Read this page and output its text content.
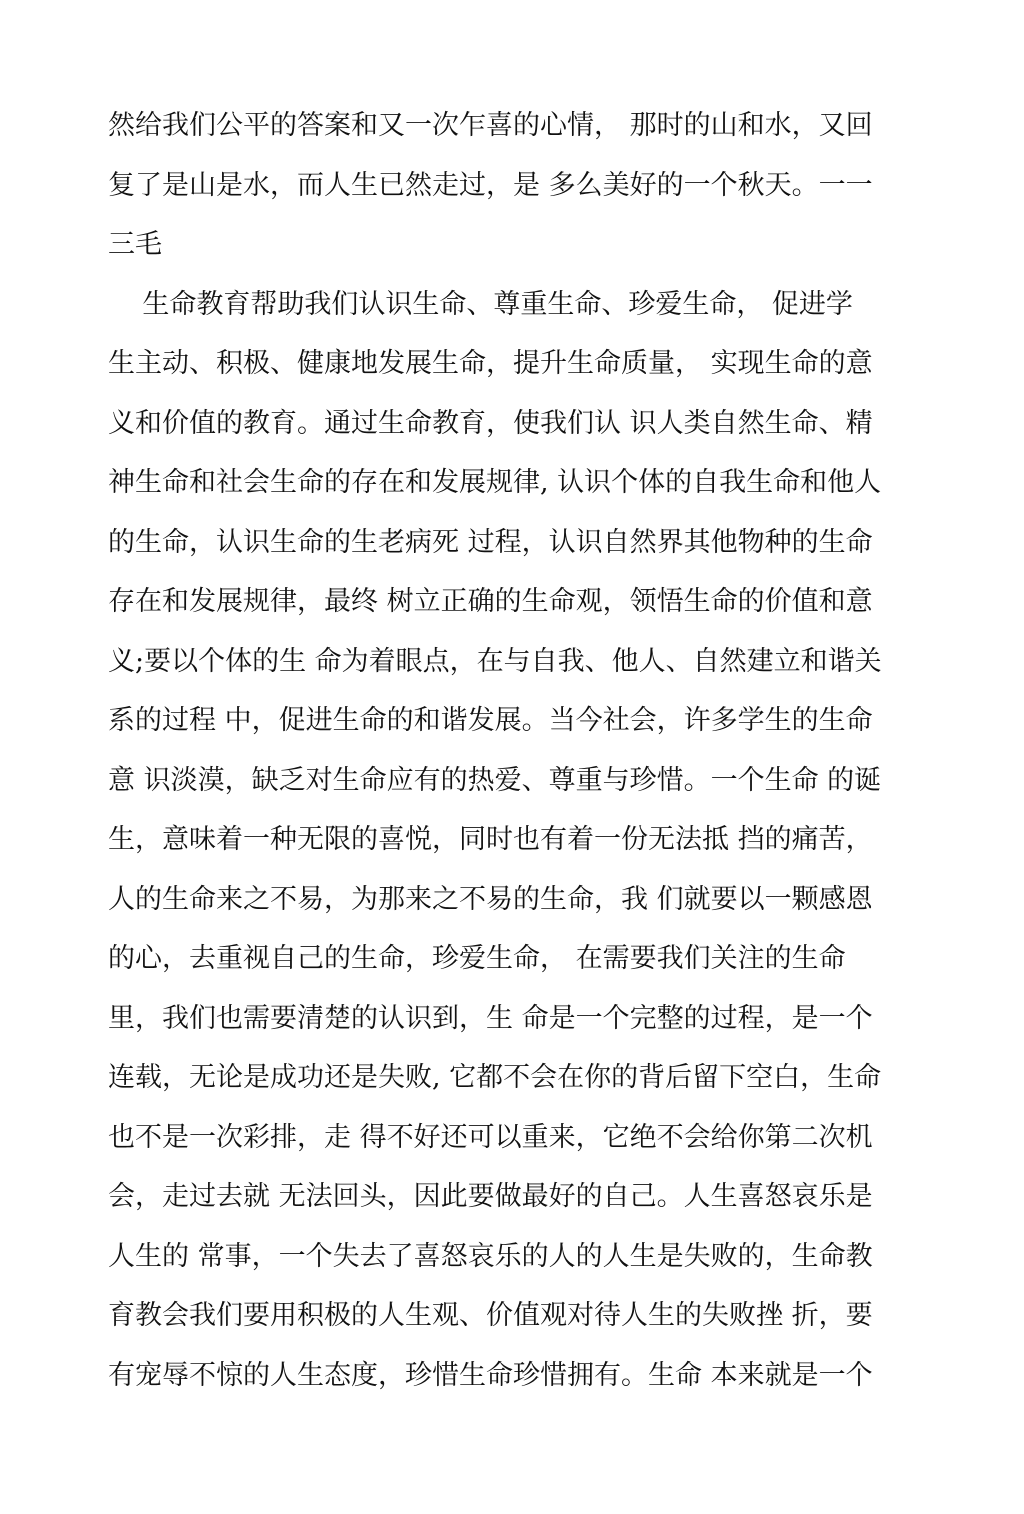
然给我们公平的答案和又一次乍喜的心情， 那时的山和水，又回
复了是山是水，而人生已然走过，是 多么美好的一个秋天。一一
三毛
生命教育帮助我们认识生命、尊重生命、珍爱生命， 促进学
生主动、积极、健康地发展生命，提升生命质量， 实现生命的意
义和价值的教育。通过生命教育，使我们认 识人类自然生命、精
神生命和社会生命的存在和发展规律, 认识个体的自我生命和他人
的生命，认识生命的生老病死 过程，认识自然界其他物种的生命
存在和发展规律，最终 树立正确的生命观，领悟生命的价值和意
义;要以个体的生 命为着眼点，在与自我、他人、自然建立和谐关
系的过程 中，促进生命的和谐发展。当今社会，许多学生的生命
意 识淡漠，缺乏对生命应有的热爱、尊重与珍惜。一个生命 的诞
生，意味着一种无限的喜悦，同时也有着一份无法抵 挡的痛苦，
人的生命来之不易，为那来之不易的生命，我 们就要以一颗感恩
的心，去重视自己的生命，珍爱生命， 在需要我们关注的生命
里，我们也需要清楚的认识到，生 命是一个完整的过程，是一个
连载，无论是成功还是失败, 它都不会在你的背后留下空白，生命
也不是一次彩排，走 得不好还可以重来，它绝不会给你第二次机
会，走过去就 无法回头，因此要做最好的自己。人生喜怒哀乐是
人生的 常事，一个失去了喜怒哀乐的人的人生是失败的，生命教
育教会我们要用积极的人生观、价值观对待人生的失败挫 折，要
有宠辱不惊的人生态度，珍惜生命珍惜拥有。生命 本来就是一个
